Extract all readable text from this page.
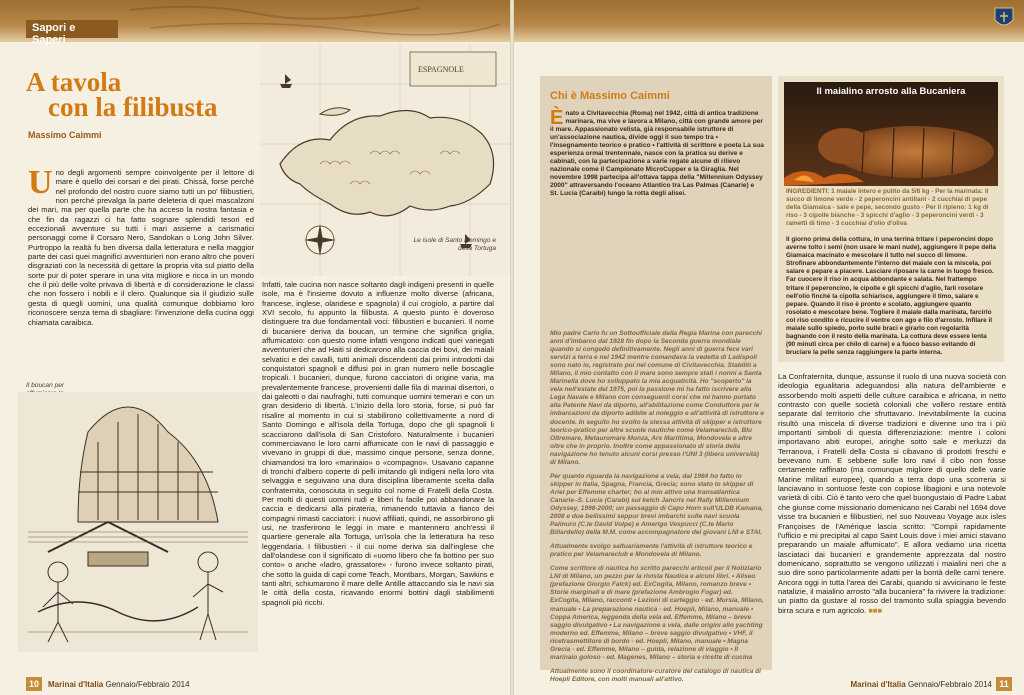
Sapori e Saperi
A tavola
con la filibusta
Massimo Caimmi
Uno degli argomenti sempre coinvolgente per il lettore di mare è quello dei corsari e dei pirati. Chissà, forse perché nel profondo del nostro cuore siamo tutti un po' filibustieri, non perché prevalga la parte deleteria di quei mascalzoni dei mari, ma per quella parte che ha acceso la nostra fantasia e che fin da ragazzi ci ha fatto sognare splendidi tesori ed eccezionali avventure su tutti i mari assieme a carismatici personaggi come il Corsaro Nero, Sandokan o Long John Silver. Purtroppo la realtà fu ben diversa dalla letteratura e nella maggior parte dei casi quei magnifici avventurieri non erano altro che poveri disgraziati con la necessità di gettare la propria vita sul piatto della sorte pur di poter sperare in una vita migliore e ricca in un mondo che il più delle volte privava di libertà e di considerazione le classi che non fossero i nobili e il clero. Qualunque sia il giudizio sulle gesta di quegli uomini, una qualità comunque dobbiamo loro riconoscere senza tema di sbagliare: l'invenzione della cucina oggi chiamata caraibica.
ESPAGNOLE
Le isole di Santo Domingo e della Tortuga
Il boucan per
Infatti, tale cucina non nasce soltanto dagli indigeni presenti in quelle isole, ma è l'insieme dovuto a influenze molto diverse (africana, francese, inglese, olandese e spagnola) il cui crogiolo, a partire dal XVI secolo, fu appunto la filibusta. A questo punto è doveroso distinguere tra due fondamentali voci: filibustieri e bucanieri. Il nome di bucaniere deriva da boucan, un termine che significa griglia, affumicatoio: con questo nome infatti vengono indicati quei variegati avventurieri che ad Haiti si dedicarono alla caccia dei bovi, dei maiali selvatici e dei cavalli, tutti animali discendenti dai primi introdotti dai conquistatori spagnoli e diffusi poi in gran numero nelle boscaglie tropicali. I bucanieri, dunque, furono cacciatori di origine varia, ma prevalentemente francese, provenienti dalle fila di marinai disertori, o dai galeotti o dai naufraghi, tutti comunque uomini temerari e con un gran desiderio di libertà. L'inizio della loro storia, forse, si può far risalire al momento in cui si stabilirono collettivamente a nord di Santo Domingo e all'isola della Tortuga, dopo che gli spagnoli li scacciarono dall'isola di San Cristoforo. Naturalmente i bucanieri commerciavano le loro carni affumicate con le navi di passaggio e vivevano in gruppi di due, massimo cinque persone, senza donne, chiamandosi tra loro «marinaio» o «compagno». Usavano capanne di tronchi d'albero coperte di pelli imitando gli indigeni nella loro vita selvaggia e seguivano una dura disciplina liberamente scelta dalla confraternita, conosciuta in seguito col nome di Fratelli della Costa. Per molti di questi uomini rudi e liberi fu facile poi abbandonare la caccia e dedicarsi alla pirateria, rimanendo tuttavia a fianco dei compagni rimasti cacciatori: i nuovi affiliati, quindi, ne assorbirono gli usi, ne trasferirono le leggi in mare e mantennero anch'essi il quartiere generale alla Tortuga, un'isola che la letteratura ha reso leggendaria. I filibustieri - il cui nome deriva sia dall'inglese che dall'olandese con il significato di «uomo libero che fa bottino per suo conto» o anche «ladro, grassatore» - furono invece soltanto pirati, che sotto la guida di capi come Teach, Montbars, Morgan, Sawkins e tanti altri, schiumarono il mare delle Antille attaccando sia le navi sia le città della costa, ricavando enormi bottini dagli stabilimenti spagnoli più ricchi.
10	Marinai d'Italia Gennaio/Febbraio 2014
Chi è Massimo Caimmi
Ènato a Civitavecchia (Roma) nel 1942, città di antica tradizione marinara, ma vive e lavora a Milano, città con grande amore per il mare. Appassionato velista, già responsabile istruttore di un'associazione nautica, divide oggi il suo tempo tra • l'insegnamento teorico e pratico • l'attività di scrittore e poeta La sua esperienza ormai trentennale, nasce con la pratica su derive e cabinati, con la partecipazione a varie regate alcune di rilievo nazionale come il Campionato MicroCupper e la Giraglia. Nel novembre 1998 partecipa all'ottava tappa della "Millennium Odyssey 2000" attraversando l'oceano Atlantico tra Las Palmas (Canarie) e St. Lucia (Caraibi) lungo la rotta degli alisei.

Mio padre Carlo fu un Sottoufficiale della Regia Marina con parecchi anni d'imbarco dal 1928 fin dopo la Seconda guerra mondiale quando si congedò definitivamente. Negli anni di guerra fece vari servizi a terra e nel 1942 mentre comandava la vedetta di Ladispoli sono nato io, registrato poi nel comune di Civitavecchia. Stabiliti a Milano, il mio contatto con il mare sono sempre stati i nonni a Santa Marinella dove ho sviluppato la mia acquaticità. Ho "scoperto" la vela nell'estate del 1975, poi la passione mi ha fatto iscrivere alla Lega Navale e Milano con conseguenti corsi che mi hanno portato alla Patente Navi da diporto, all'abilitazione come Conduttore per le imbarcazioni da diporto adibite al noleggio e all'attività di istruttore e docente. In seguito ho svolto la stessa attività di skipper e istruttore teorico-pratico per altre scuole nautiche come Velamareclub, Blu Oltremare, Metauromare Monza, Ars Marittima, Mondovela e altre oltre che in proprio. Inoltre come appassionato di storia della navigazione ho tenuto alcuni corsi presso l'UNI 3 (libera università) di Milano.

Per quanto riguarda la navigazione a vela, dal 1984 ho fatto lo skipper in Italia, Spagna, Francia, Grecia; sono stato lo skipper di Ariel per Effemme charter; ho al mio attivo una transatlantica Canarie–S. Lucia (Carabi) sul ketch Jancris nel Rally Millennium Odyssey, 1998-2000; un passaggio di Capo Horn sull'ULDB Kamana, 2008 e due bellissimi seppur brevi imbarchi sulle navi scuola Palinuro (C.te David Volpe) e Amerigo Vespucci (C.te Mario Billardello) della M.M. come accompagnatore dei giovani LNI e STAI.

Attualmente svolgo saltuariamente l'attività di istruttore teorico e pratico per Velamareclub e Mondovela di Milano.

Come scrittore di nautica ho scritto parecchi articoli per il Notiziario LNI di Milano, un pezzo per la rivista Nautica e alcuni libri. • Aliseo (prefazione Giorgio Falck) ed. ExCogita, Milano, romanzo breve • Storie marginali e di mare (prefazione Ambrogio Fogar) ed. ExCogita, Milano, racconti • Lezioni di carteggio - ed. Mursia, Milano, manuale • La preparazione nautica - ed. Hoepli, Milano, manuale • Coppa America, leggenda della vela ed. Effemme, Milano – breve saggio divulgativo • La navigazione a vela, dalle origini allo yachting moderno ed. Effemme, Milano – breve saggio divulgativo • VHF, il ricetrasmettitore di bordo - ed. Hoepli, Milano, manuale • Magna Grecia - ed. Effemme, Milano – guida, relazione di viaggio • Il marinaio goloso - ed. Magenes, Milano – storia e ricette di cucina

Attualmente sono il coordinatore-curatore del catalogo di nautica di Hoepli Editore, con molti manuali all'attivo.

Il maialino arrosto alla Bucaniera
INGREDIENTI: 1 maiale intero e pulito da 5/8 kg - Per la marinata: il succo di limone verde - 2 peperoncini antillani - 2 cucchiai di pepe della Giamaica - sale e pepe, secondo gusto - Per il ripieno: 1 kg di riso - 3 cipolle bianche - 3 spicchi d'aglio - 3 peperoncini verdi - 3 rametti di timo - 3 cucchiai d'olio d'oliva
Il giorno prima della cottura, in una terrina tritare i peperoncini dopo averne tolto i semi (non usare le mani nude), aggiungere il pepe della Giamaica macinato e mescolare il tutto nel succo di limone. Strofinare abbondantemente l'interno del maiale con la miscela, poi salare e pepare a piacere. Lasciare riposare la carne in luogo fresco. Far cuocere il riso in acqua abbondante e salata. Nel frattempo tritare il peperoncino, le cipolle e gli spicchi d'aglio, farli rosolare nell'olio finché la cipolla schiarisce, aggiungere il timo, salare e pepare. Quando il riso è pronto e scolato, aggiungere quanto rosolato e mescolare bene. Togliere il maiale dalla marinata, farcirlo col riso condito e ricucire il ventre con ago e filo d'arrosto. Infilare il maiale sullo spiedo, porlo sulle braci e girarlo con regolarità bagnando con il resto della marinata. La cottura deve essere lenta (90 minuti circa per chilo di carne) e a fuoco basso evitando di bruciare la pelle senza raggiungere la parte interna.
La Confraternita, dunque, assunse il ruolo di una nuova società con ideologia egualitaria adeguandosi alla natura dell'ambiente e assorbendo molti aspetti delle culture caraibica e africana, in netto contrasto con quelle società coloniali che vollero restare entità separate dal territorio che sfruttavano. Inevitabilmente la cucina risultò una miscela di diverse tradizioni e divenne uno tra i più importanti simboli di questa differenziazione: mentre i coloni importavano abiti europei, aringhe sotto sale e merluzzi da Terranova, i Fratelli della Costa si cibavano di prodotti freschi e bevevano rum. E sebbene sulle loro navi il cibo non fosse certamente raffinato (ma comunque migliore di quello delle varie Marine militari europee), quando a terra dopo una scorreria si lanciavano in sontuose feste con copiose libagioni e una notevole varietà di cibi. Ciò è tanto vero che quel buongustaio di Padre Labat che giunse come missionario domenicano nei Carabi nel 1694 dove visse tra bucanieri e filibustieri, nel suo Nouveau Voyage aux isles Françoises de l'Amérique lascia scritto: "Compii rapidamente l'ufficio e mi precipitai al capo Saint Louis dove i miei amici stavano preparando un maiale affumicato". E allora vediamo una ricetta lasciataci dai bucanieri e grandemente apprezzata dal nostro domenicano, soprattutto se vengono utilizzati i maialini neri che a suo dire sono particolarmente adatti per la bontà delle carni tenere. Ancora oggi in tutta l'area dei Carabi, quando si avvicinano le feste natalizie, il maialino arrosto "alla bucaniera" fa rivivere la tradizione: un piatto da gustare al rosso del tramonto sulla spiaggia bevendo birra scura e rum agricolo. ■■■
Marinai d'Italia Gennaio/Febbraio 2014 11
